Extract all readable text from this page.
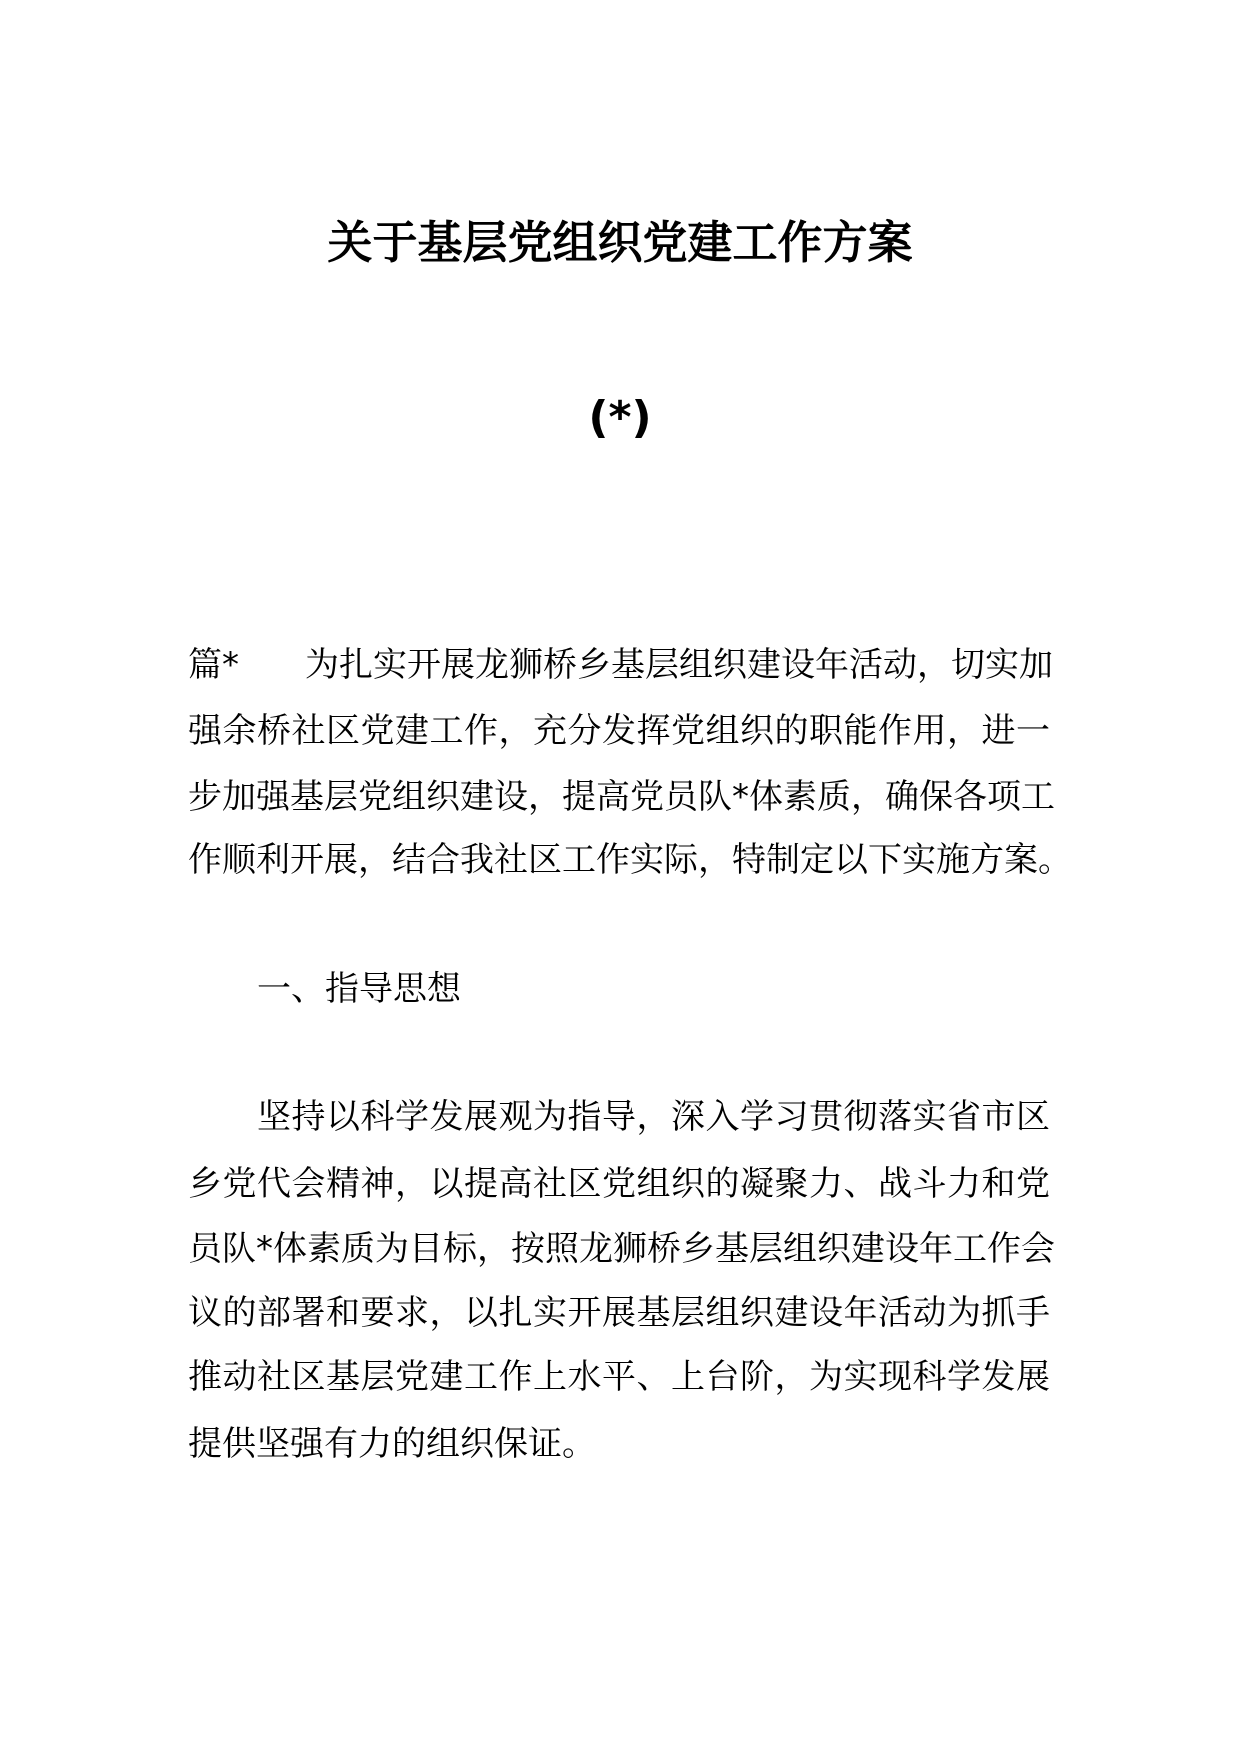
关于基层党组织党建工作方案
(*)
篇* 为扎实开展龙狮桥乡基层组织建设年活动，切实加
强余桥社区党建工作，充分发挥党组织的职能作用，进一
步加强基层党组织建设，提高党员队*体素质，确保各项工
作顺利开展，结合我社区工作实际，特制定以下实施方案。
一、指导思想
坚持以科学发展观为指导，深入学习贯彻落实省市区
乡党代会精神，以提高社区党组织的凝聚力、战斗力和党
员队*体素质为目标，按照龙狮桥乡基层组织建设年工作会
议的部署和要求，以扎实开展基层组织建设年活动为抓手
推动社区基层党建工作上水平、上台阶，为实现科学发展
提供坚强有力的组织保证。
